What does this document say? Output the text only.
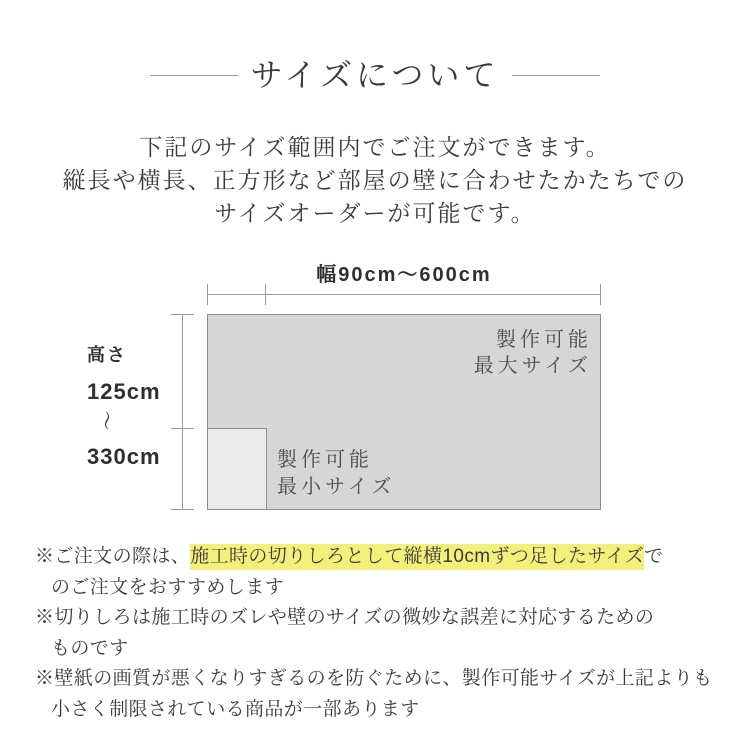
サイズについて

下記のサイズ範囲内でご注文ができます。

縦長や横長、正方形など部屋の壁に合わせたかたちでの

サイズオーダーが可能です。

幅90cm〜600cm
製作可能
最大サイズ
製作可能
最小サイズ
高さ
125cm
〜
330cm

※ご注文の際は、施工時の切りしろとして縦横10cmずつ足したサイズで
のご注文をおすすめします

※切りしろは施工時のズレや壁のサイズの微妙な誤差に対応するための
ものです

※壁紙の画質が悪くなりすぎるのを防ぐために、製作可能サイズが上記よりも
小さく制限されている商品が一部あります
